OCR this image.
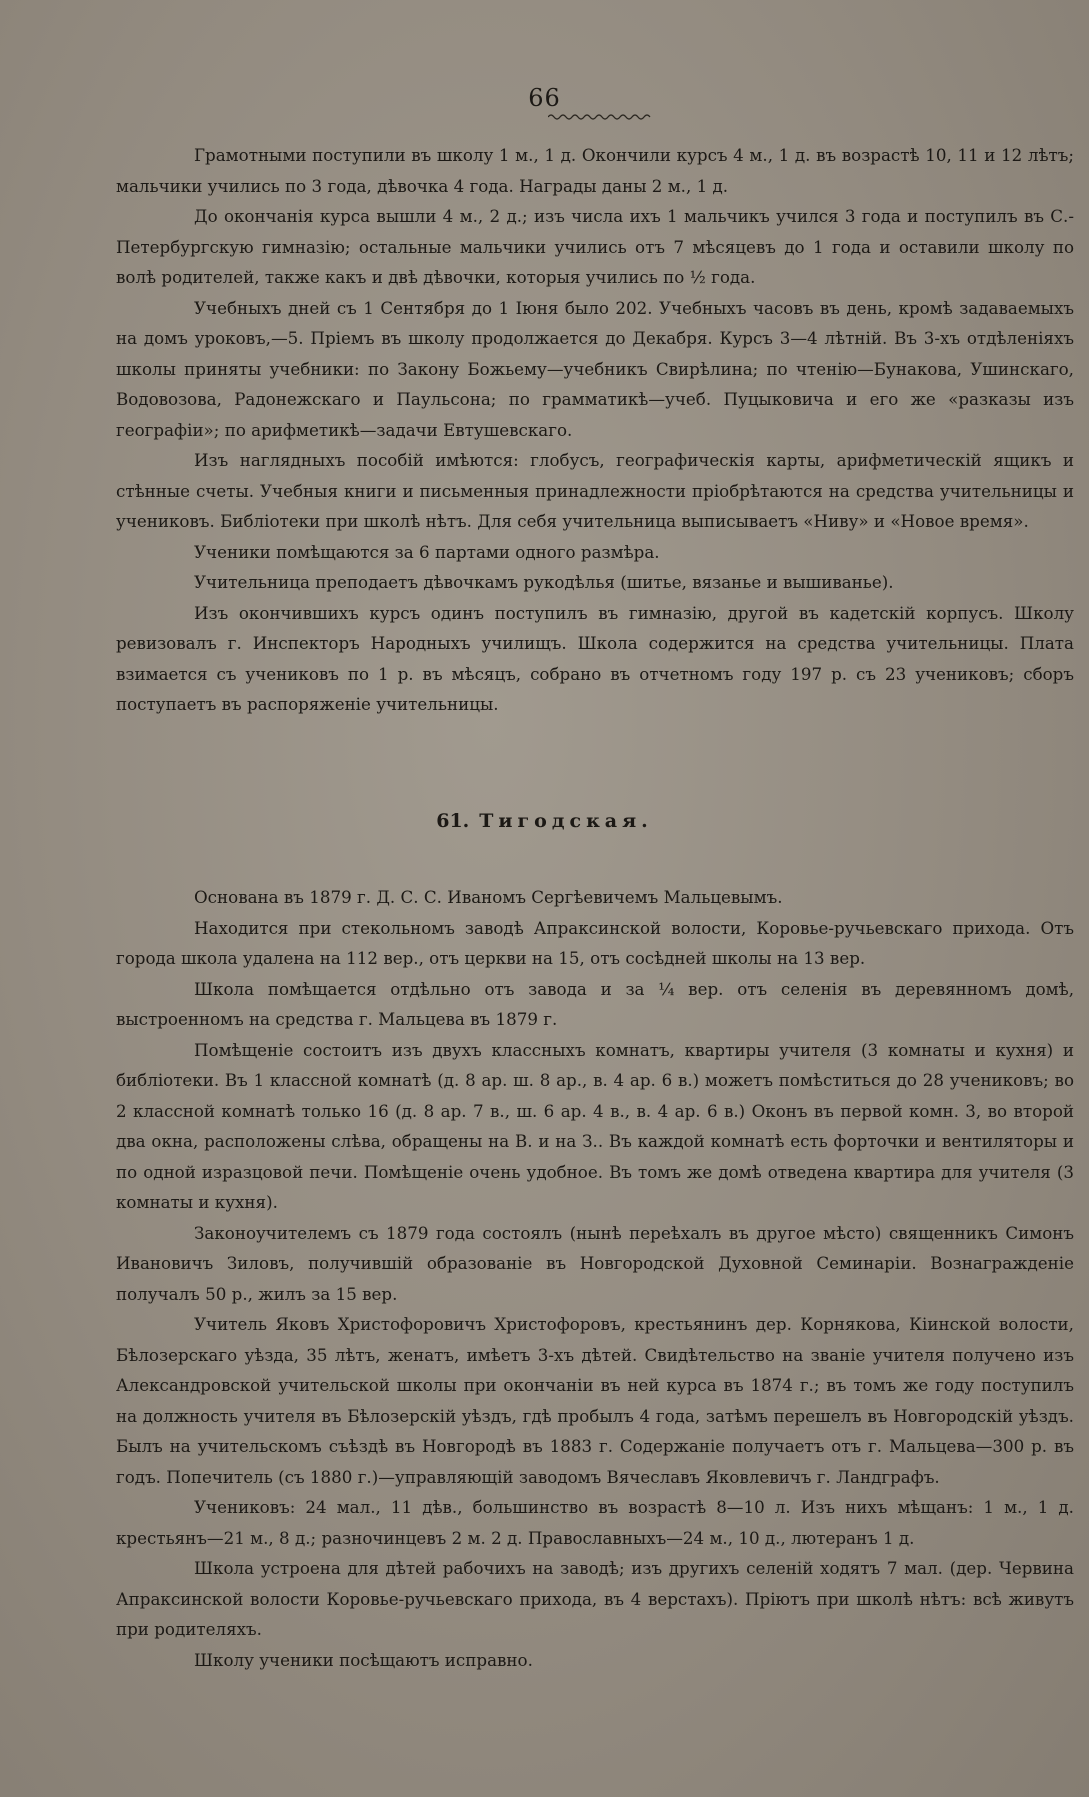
66

Грамотными поступили въ школу 1 м., 1 д. Окончили курсъ 4 м., 1 д. въ возрастѣ 10, 11 и 12 лѣтъ; мальчики учились по 3 года, дѣвочка 4 года. Награды даны 2 м., 1 д.

До окончанія курса вышли 4 м., 2 д.; изъ числа ихъ 1 мальчикъ учился 3 года и поступилъ въ С.-Петербургскую гимназію; остальные мальчики учились отъ 7 мѣсяцевъ до 1 года и оставили школу по волѣ родителей, также какъ и двѣ дѣвочки, которыя учились по ½ года.

Учебныхъ дней съ 1 Сентября до 1 Іюня было 202. Учебныхъ часовъ въ день, кромѣ задаваемыхъ на домъ уроковъ,—5. Пріемъ въ школу продолжается до Декабря. Курсъ 3—4 лѣтній. Въ 3-хъ отдѣленіяхъ школы приняты учебники: по Закону Божьему—учебникъ Свирѣлина; по чтенію—Бунакова, Ушинскаго, Водовозова, Радонежскаго и Паульсона; по грамматикѣ—учеб. Пуцыковича и его же «разказы изъ географіи»; по арифметикѣ—задачи Евтушевскаго.

Изъ наглядныхъ пособій имѣются: глобусъ, географическія карты, арифметическій ящикъ и стѣнные счеты. Учебныя книги и письменныя принадлежности пріобрѣтаются на средства учительницы и учениковъ. Библіотеки при школѣ нѣтъ. Для себя учительница выписываетъ «Ниву» и «Новое время».

Ученики помѣщаются за 6 партами одного размѣра.

Учительница преподаетъ дѣвочкамъ рукодѣлья (шитье, вязанье и вышиванье).

Изъ окончившихъ курсъ одинъ поступилъ въ гимназію, другой въ кадетскій корпусъ. Школу ревизовалъ г. Инспекторъ Народныхъ училищъ. Школа содержится на средства учительницы. Плата взимается съ учениковъ по 1 р. въ мѣсяцъ, собрано въ отчетномъ году 197 р. съ 23 учениковъ; сборъ поступаетъ въ распоряженіе учительницы.

61. Тигодская.

Основана въ 1879 г. Д. С. С. Иваномъ Сергѣевичемъ Мальцевымъ.

Находится при стекольномъ заводѣ Апраксинской волости, Коровье-ручьевскаго прихода. Отъ города школа удалена на 112 вер., отъ церкви на 15, отъ сосѣдней школы на 13 вер.

Школа помѣщается отдѣльно отъ завода и за ¼ вер. отъ селенія въ деревянномъ домѣ, выстроенномъ на средства г. Мальцева въ 1879 г.

Помѣщеніе состоитъ изъ двухъ классныхъ комнатъ, квартиры учителя (3 комнаты и кухня) и библіотеки. Въ 1 классной комнатѣ (д. 8 ар. ш. 8 ар., в. 4 ар. 6 в.) можетъ помѣститься до 28 учениковъ; во 2 классной комнатѣ только 16 (д. 8 ар. 7 в., ш. 6 ар. 4 в., в. 4 ар. 6 в.) Оконъ въ первой комн. 3, во второй два окна, расположены слѣва, обращены на В. и на З.. Въ каждой комнатѣ есть форточки и вентиляторы и по одной изразцовой печи. Помѣщеніе очень удобное. Въ томъ же домѣ отведена квартира для учителя (3 комнаты и кухня).

Законоучителемъ съ 1879 года состоялъ (нынѣ переѣхалъ въ другое мѣсто) священникъ Симонъ Ивановичъ Зиловъ, получившій образованіе въ Новгородской Духовной Семинаріи. Вознагражденіе получалъ 50 р., жилъ за 15 вер.

Учитель Яковъ Христофоровичъ Христофоровъ, крестьянинъ дер. Корнякова, Кіинской волости, Бѣлозерскаго уѣзда, 35 лѣтъ, женатъ, имѣетъ 3-хъ дѣтей. Свидѣтельство на званіе учителя получено изъ Александровской учительской школы при окончаніи въ ней курса въ 1874 г.; въ томъ же году поступилъ на должность учителя въ Бѣлозерскій уѣздъ, гдѣ пробылъ 4 года, затѣмъ перешелъ въ Новгородскій уѣздъ. Былъ на учительскомъ съѣздѣ въ Новгородѣ въ 1883 г. Содержаніе получаетъ отъ г. Мальцева—300 р. въ годъ. Попечитель (съ 1880 г.)—управляющій заводомъ Вячеславъ Яковлевичъ г. Ландграфъ.

Учениковъ: 24 мал., 11 дѣв., большинство въ возрастѣ 8—10 л. Изъ нихъ мѣщанъ: 1 м., 1 д. крестьянъ—21 м., 8 д.; разночинцевъ 2 м. 2 д. Православныхъ—24 м., 10 д., лютеранъ 1 д.

Школа устроена для дѣтей рабочихъ на заводѣ; изъ другихъ селеній ходятъ 7 мал. (дер. Червина Апраксинской волости Коровье-ручьевскаго прихода, въ 4 верстахъ). Пріютъ при школѣ нѣтъ: всѣ живутъ при родителяхъ.

Школу ученики посѣщаютъ исправно.
